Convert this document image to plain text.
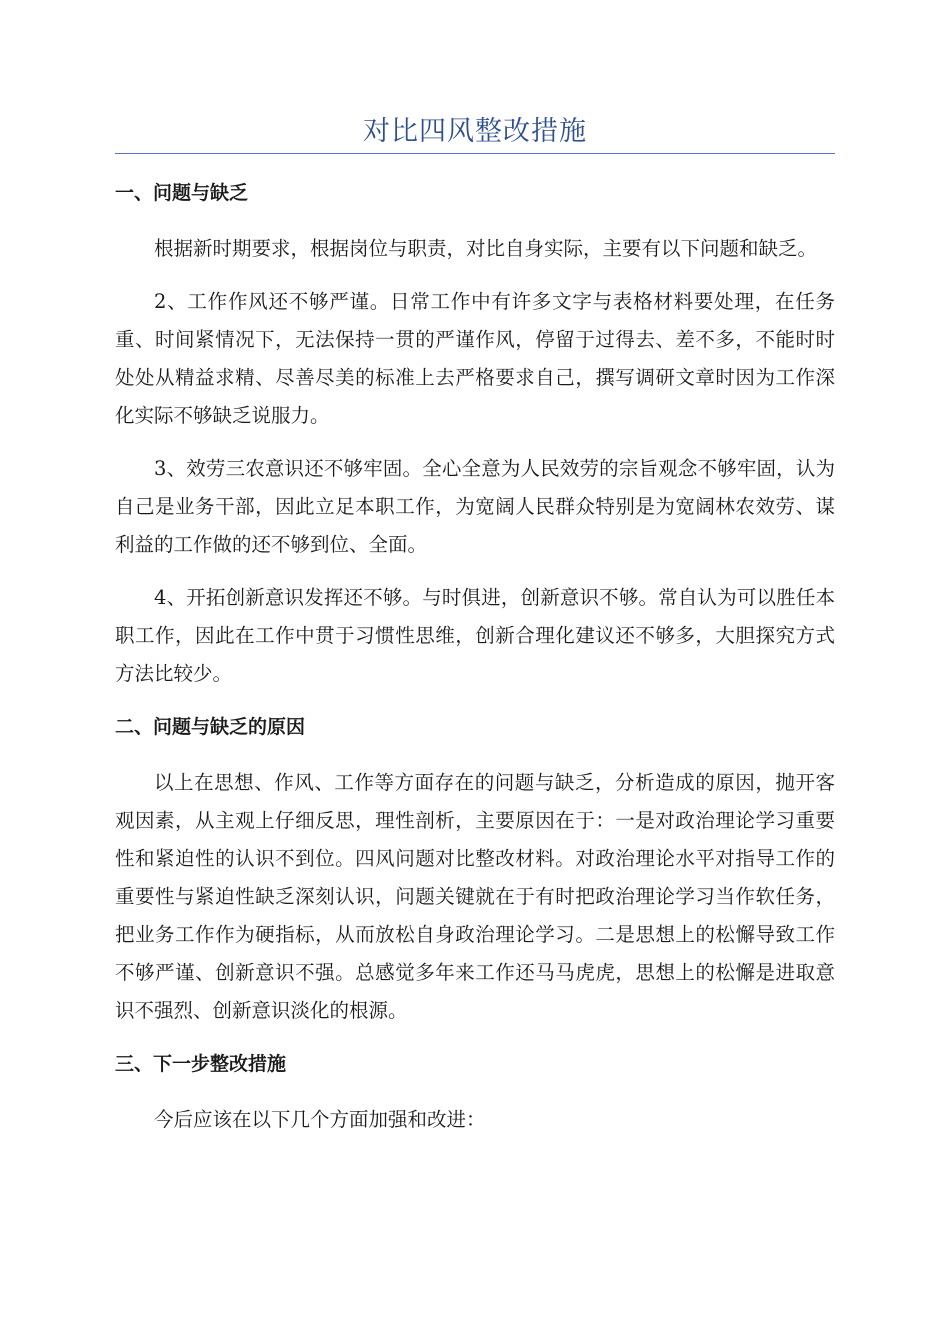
对比四风整改措施
一、问题与缺乏

根据新时期要求，根据岗位与职责，对比自身实际，主要有以下问题和缺乏。

2、工作作风还不够严谨。日常工作中有许多文字与表格材料要处理，在任务重、时间紧情况下，无法保持一贯的严谨作风，停留于过得去、差不多，不能时时处处从精益求精、尽善尽美的标准上去严格要求自己，撰写调研文章时因为工作深化实际不够缺乏说服力。

3、效劳三农意识还不够牢固。全心全意为人民效劳的宗旨观念不够牢固，认为自己是业务干部，因此立足本职工作，为宽阔人民群众特别是为宽阔林农效劳、谋利益的工作做的还不够到位、全面。

4、开拓创新意识发挥还不够。与时俱进，创新意识不够。常自认为可以胜任本职工作，因此在工作中贯于习惯性思维，创新合理化建议还不够多，大胆探究方式方法比较少。

二、问题与缺乏的原因

以上在思想、作风、工作等方面存在的问题与缺乏，分析造成的原因，抛开客观因素，从主观上仔细反思，理性剖析，主要原因在于：一是对政治理论学习重要性和紧迫性的认识不到位。四风问题对比整改材料。对政治理论水平对指导工作的重要性与紧迫性缺乏深刻认识，问题关键就在于有时把政治理论学习当作软任务，把业务工作作为硬指标，从而放松自身政治理论学习。二是思想上的松懈导致工作不够严谨、创新意识不强。总感觉多年来工作还马马虎虎，思想上的松懈是进取意识不强烈、创新意识淡化的根源。

三、下一步整改措施

今后应该在以下几个方面加强和改进：
